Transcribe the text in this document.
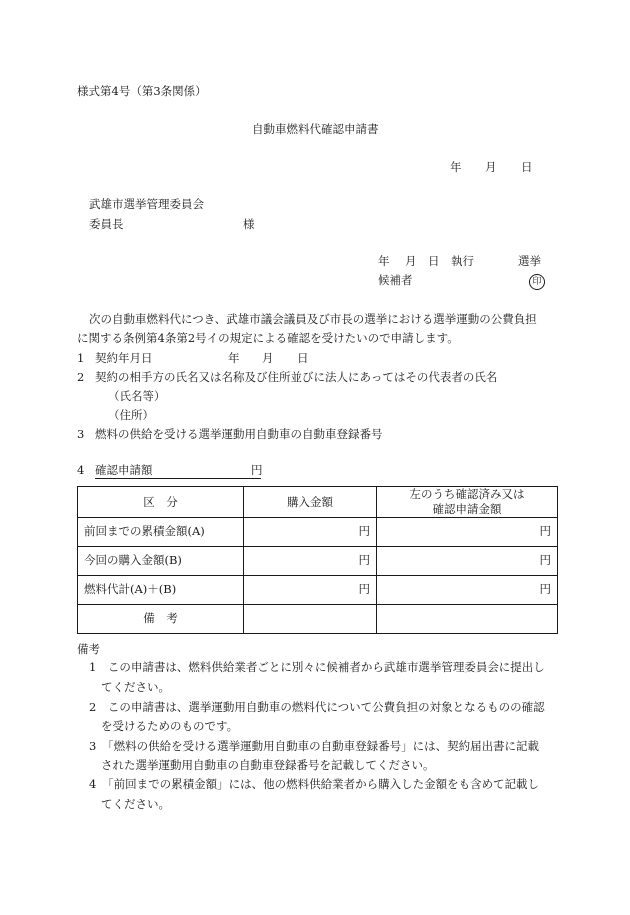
様式第4号（第3条関係）
自動車燃料代確認申請書
年 月 日
武雄市選挙管理委員会
委員長	様
年 月 日 執行	選挙
候補者	印
次の自動車燃料代につき、武雄市議会議員及び市長の選挙における選挙運動の公費負担
に関する条例第4条第2号イの規定による確認を受けたいので申請します。
1 契約年月日	年 月 日
2 契約の相手方の氏名又は名称及び住所並びに法人にあってはその代表者の氏名
（氏名等）
（住所）
3 燃料の供給を受ける選挙運動用自動車の自動車登録番号
4 確認申請額	円
区　分	購入金額	左のうち確認済み又は
確認申請金額
前回までの累積金額(A)	円	円
今回の購入金額(B)	円	円
燃料代計(A)＋(B)	円	円
備　考		
備考
1　この申請書は、燃料供給業者ごとに別々に候補者から武雄市選挙管理委員会に提出し
てください。
2　この申請書は、選挙運動用自動車の燃料代について公費負担の対象となるものの確認
を受けるためのものです。
3　「燃料の供給を受ける選挙運動用自動車の自動車登録番号」には、契約届出書に記載
された選挙運動用自動車の自動車登録番号を記載してください。
4　「前回までの累積金額」には、他の燃料供給業者から購入した金額をも含めて記載し
てください。
